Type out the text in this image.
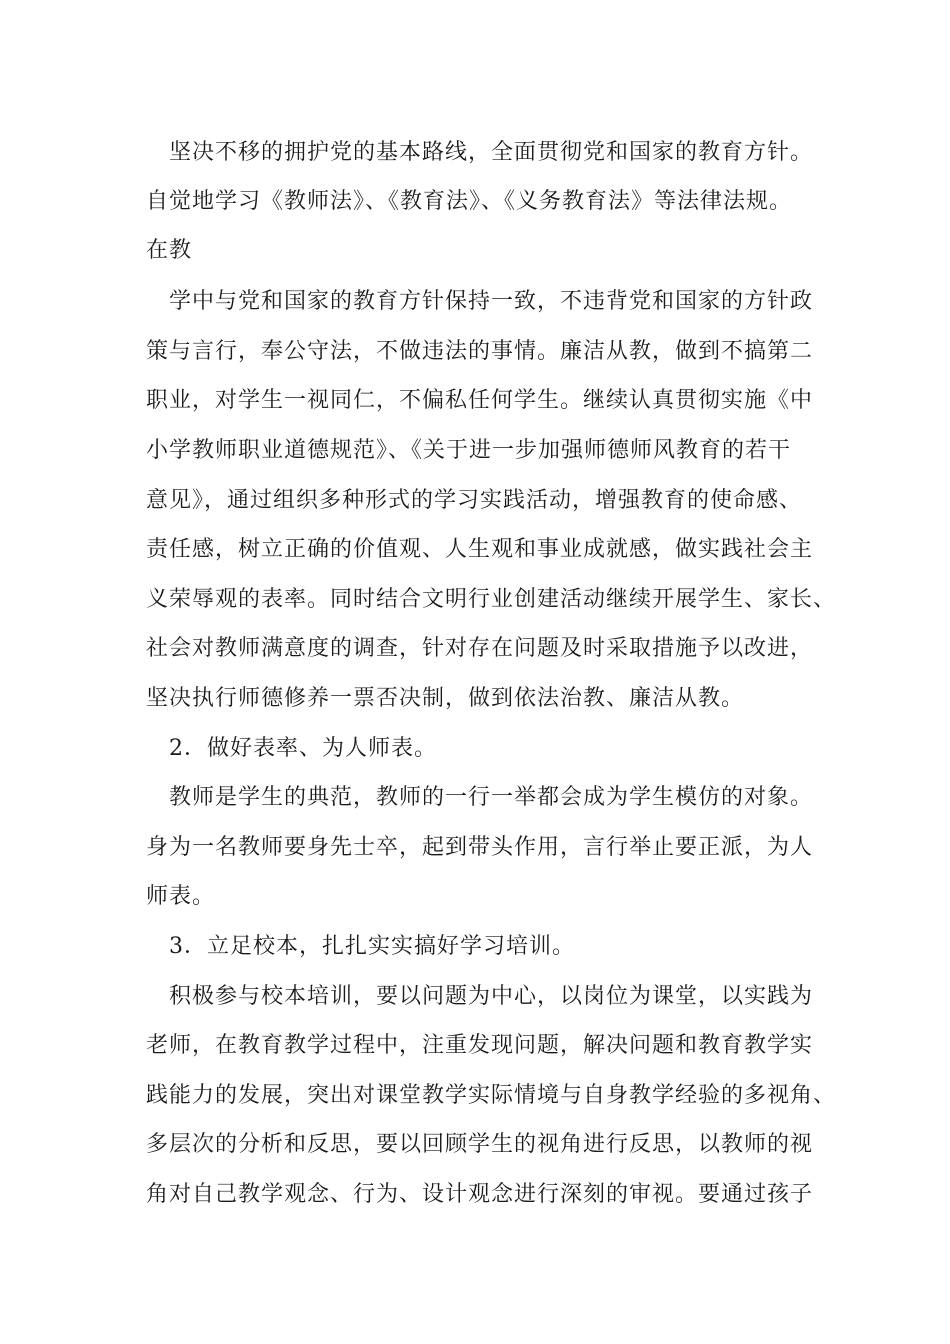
　坚决不移的拥护党的基本路线，全面贯彻党和国家的教育方针。
自觉地学习《教师法》、《教育法》、《义务教育法》等法律法规。
在教
　学中与党和国家的教育方针保持一致，不违背党和国家的方针政
策与言行，奉公守法，不做违法的事情。廉洁从教，做到不搞第二
职业，对学生一视同仁，不偏私任何学生。继续认真贯彻实施《中
小学教师职业道德规范》、《关于进一步加强师德师风教育的若干
意见》，通过组织多种形式的学习实践活动，增强教育的使命感、
责任感，树立正确的价值观、人生观和事业成就感，做实践社会主
义荣辱观的表率。同时结合文明行业创建活动继续开展学生、家长、
社会对教师满意度的调查，针对存在问题及时采取措施予以改进，
坚决执行师德修养一票否决制，做到依法治教、廉洁从教。
　2．做好表率、为人师表。
　教师是学生的典范，教师的一行一举都会成为学生模仿的对象。
身为一名教师要身先士卒，起到带头作用，言行举止要正派，为人
师表。
　3．立足校本，扎扎实实搞好学习培训。
　积极参与校本培训，要以问题为中心，以岗位为课堂，以实践为
老师，在教育教学过程中，注重发现问题，解决问题和教育教学实
践能力的发展，突出对课堂教学实际情境与自身教学经验的多视角、
多层次的分析和反思，要以回顾学生的视角进行反思，以教师的视
角对自己教学观念、行为、设计观念进行深刻的审视。要通过孩子
